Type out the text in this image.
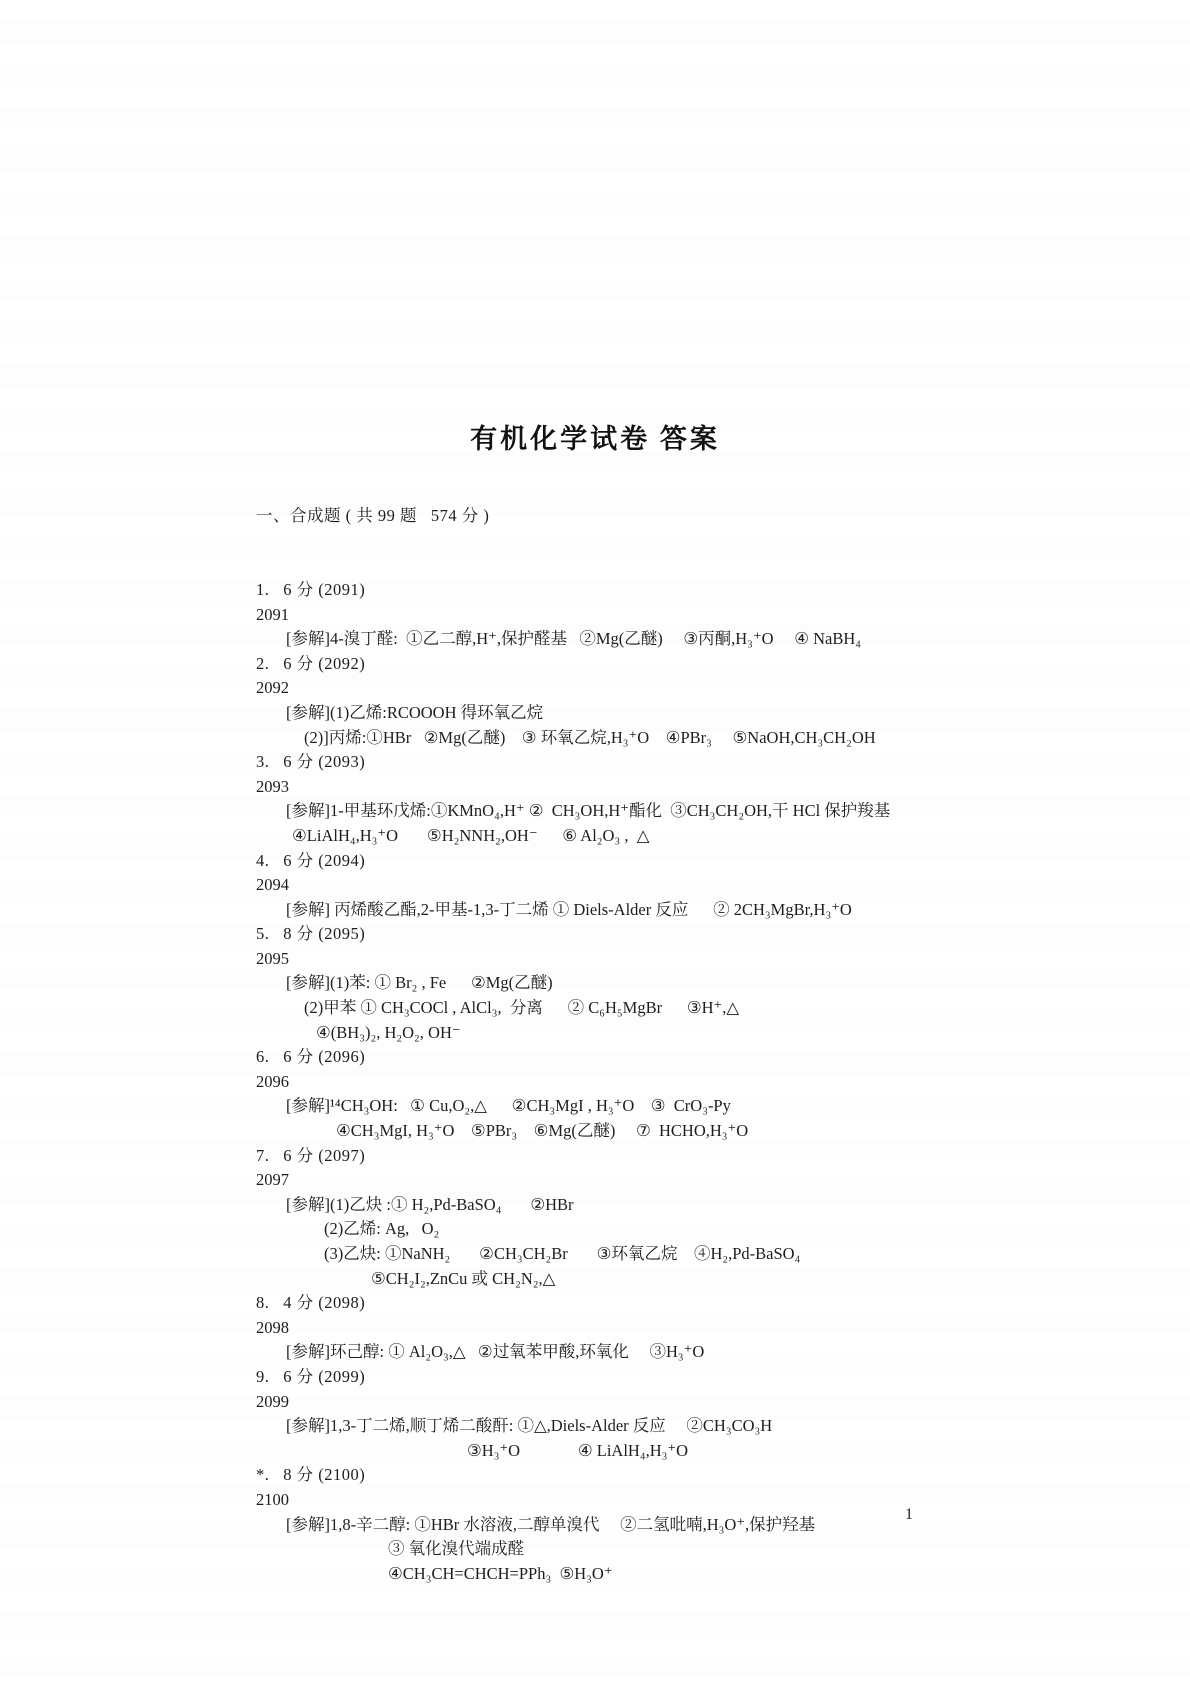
有机化学试卷 答案

一、合成题 ( 共 99 题   574 分 )

1.   6 分 (2091)
2091
[参解]4-溴丁醛:  ①乙二醇,H⁺,保护醛基   ②Mg(乙醚)     ③丙酮,H₃⁺O     ④ NaBH₄
2.   6 分 (2092)
2092
[参解](1)乙烯:RCOOOH 得环氧乙烷
(2)]丙烯:①HBr   ②Mg(乙醚)    ③ 环氧乙烷,H₃⁺O    ④PBr₃     ⑤NaOH,CH₃CH₂OH
3.   6 分 (2093)
2093
[参解]1-甲基环戊烯:①KMnO₄,H⁺ ②  CH₃OH,H⁺酯化  ③CH₃CH₂OH,干 HCl 保护羧基
④LiAlH₄,H₃⁺O       ⑤H₂NNH₂,OH⁻      ⑥ Al₂O₃ ,  △
4.   6 分 (2094)
2094
[参解] 丙烯酸乙酯,2-甲基-1,3-丁二烯 ① Diels-Alder 反应      ② 2CH₃MgBr,H₃⁺O
5.   8 分 (2095)
2095
[参解](1)苯: ① Br₂ , Fe      ②Mg(乙醚)
(2)甲苯 ① CH₃COCl , AlCl₃,  分离      ② C₆H₅MgBr      ③H⁺,△
④(BH₃)₂, H₂O₂, OH⁻
6.   6 分 (2096)
2096
[参解]¹⁴CH₃OH:   ① Cu,O₂,△      ②CH₃MgI , H₃⁺O    ③  CrO₃-Py
④CH₃MgI, H₃⁺O    ⑤PBr₃    ⑥Mg(乙醚)     ⑦  HCHO,H₃⁺O
7.   6 分 (2097)
2097
[参解](1)乙炔 :① H₂,Pd-BaSO₄       ②HBr
(2)乙烯: Ag,   O₂
(3)乙炔: ①NaNH₂       ②CH₃CH₂Br       ③环氧乙烷    ④H₂,Pd-BaSO₄
⑤CH₂I₂,ZnCu 或 CH₂N₂,△
8.   4 分 (2098)
2098
[参解]环己醇: ① Al₂O₃,△   ②过氧苯甲酸,环氧化     ③H₃⁺O
9.   6 分 (2099)
2099
[参解]1,3-丁二烯,顺丁烯二酸酐: ①△,Diels-Alder 反应     ②CH₃CO₃H
③H₃⁺O              ④ LiAlH₄,H₃⁺O
*.   8 分 (2100)
2100
[参解]1,8-辛二醇: ①HBr 水溶液,二醇单溴代     ②二氢吡喃,H₃O⁺,保护羟基
③ 氧化溴代端成醛
④CH₃CH=CHCH=PPh₃  ⑤H₃O⁺

1
